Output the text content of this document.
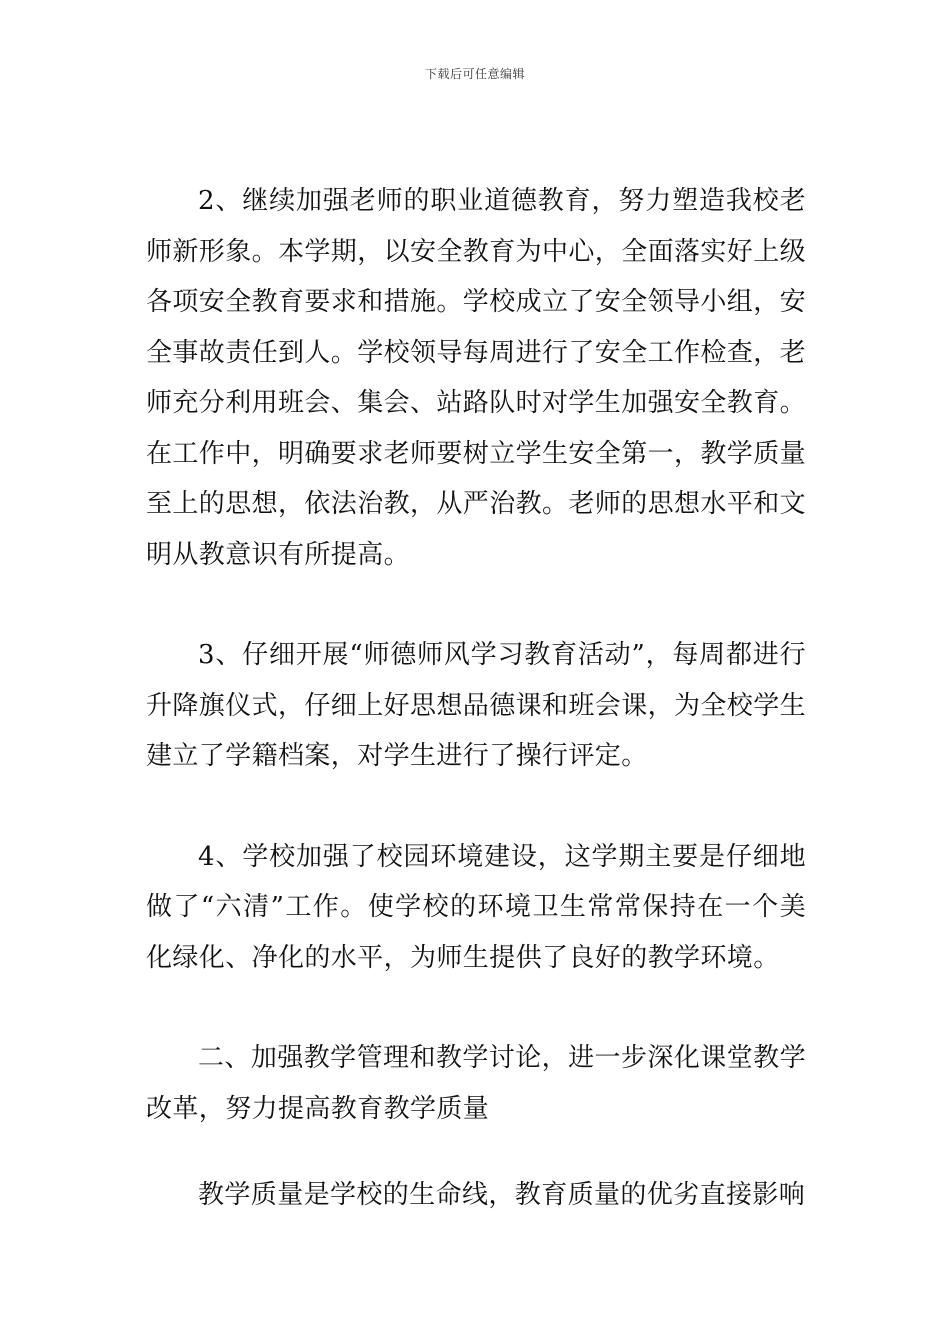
下载后可任意编辑

2、继续加强老师的职业道德教育，努力塑造我校老师新形象。本学期，以安全教育为中心，全面落实好上级各项安全教育要求和措施。学校成立了安全领导小组，安全事故责任到人。学校领导每周进行了安全工作检查，老师充分利用班会、集会、站路队时对学生加强安全教育。在工作中，明确要求老师要树立学生安全第一，教学质量至上的思想，依法治教，从严治教。老师的思想水平和文明从教意识有所提高。

3、仔细开展“师德师风学习教育活动”，每周都进行升降旗仪式，仔细上好思想品德课和班会课，为全校学生建立了学籍档案，对学生进行了操行评定。

4、学校加强了校园环境建设，这学期主要是仔细地做了“六清”工作。使学校的环境卫生常常保持在一个美化绿化、净化的水平，为师生提供了良好的教学环境。

二、加强教学管理和教学讨论，进一步深化课堂教学改革，努力提高教育教学质量

教学质量是学校的生命线，教育质量的优劣直接影响
